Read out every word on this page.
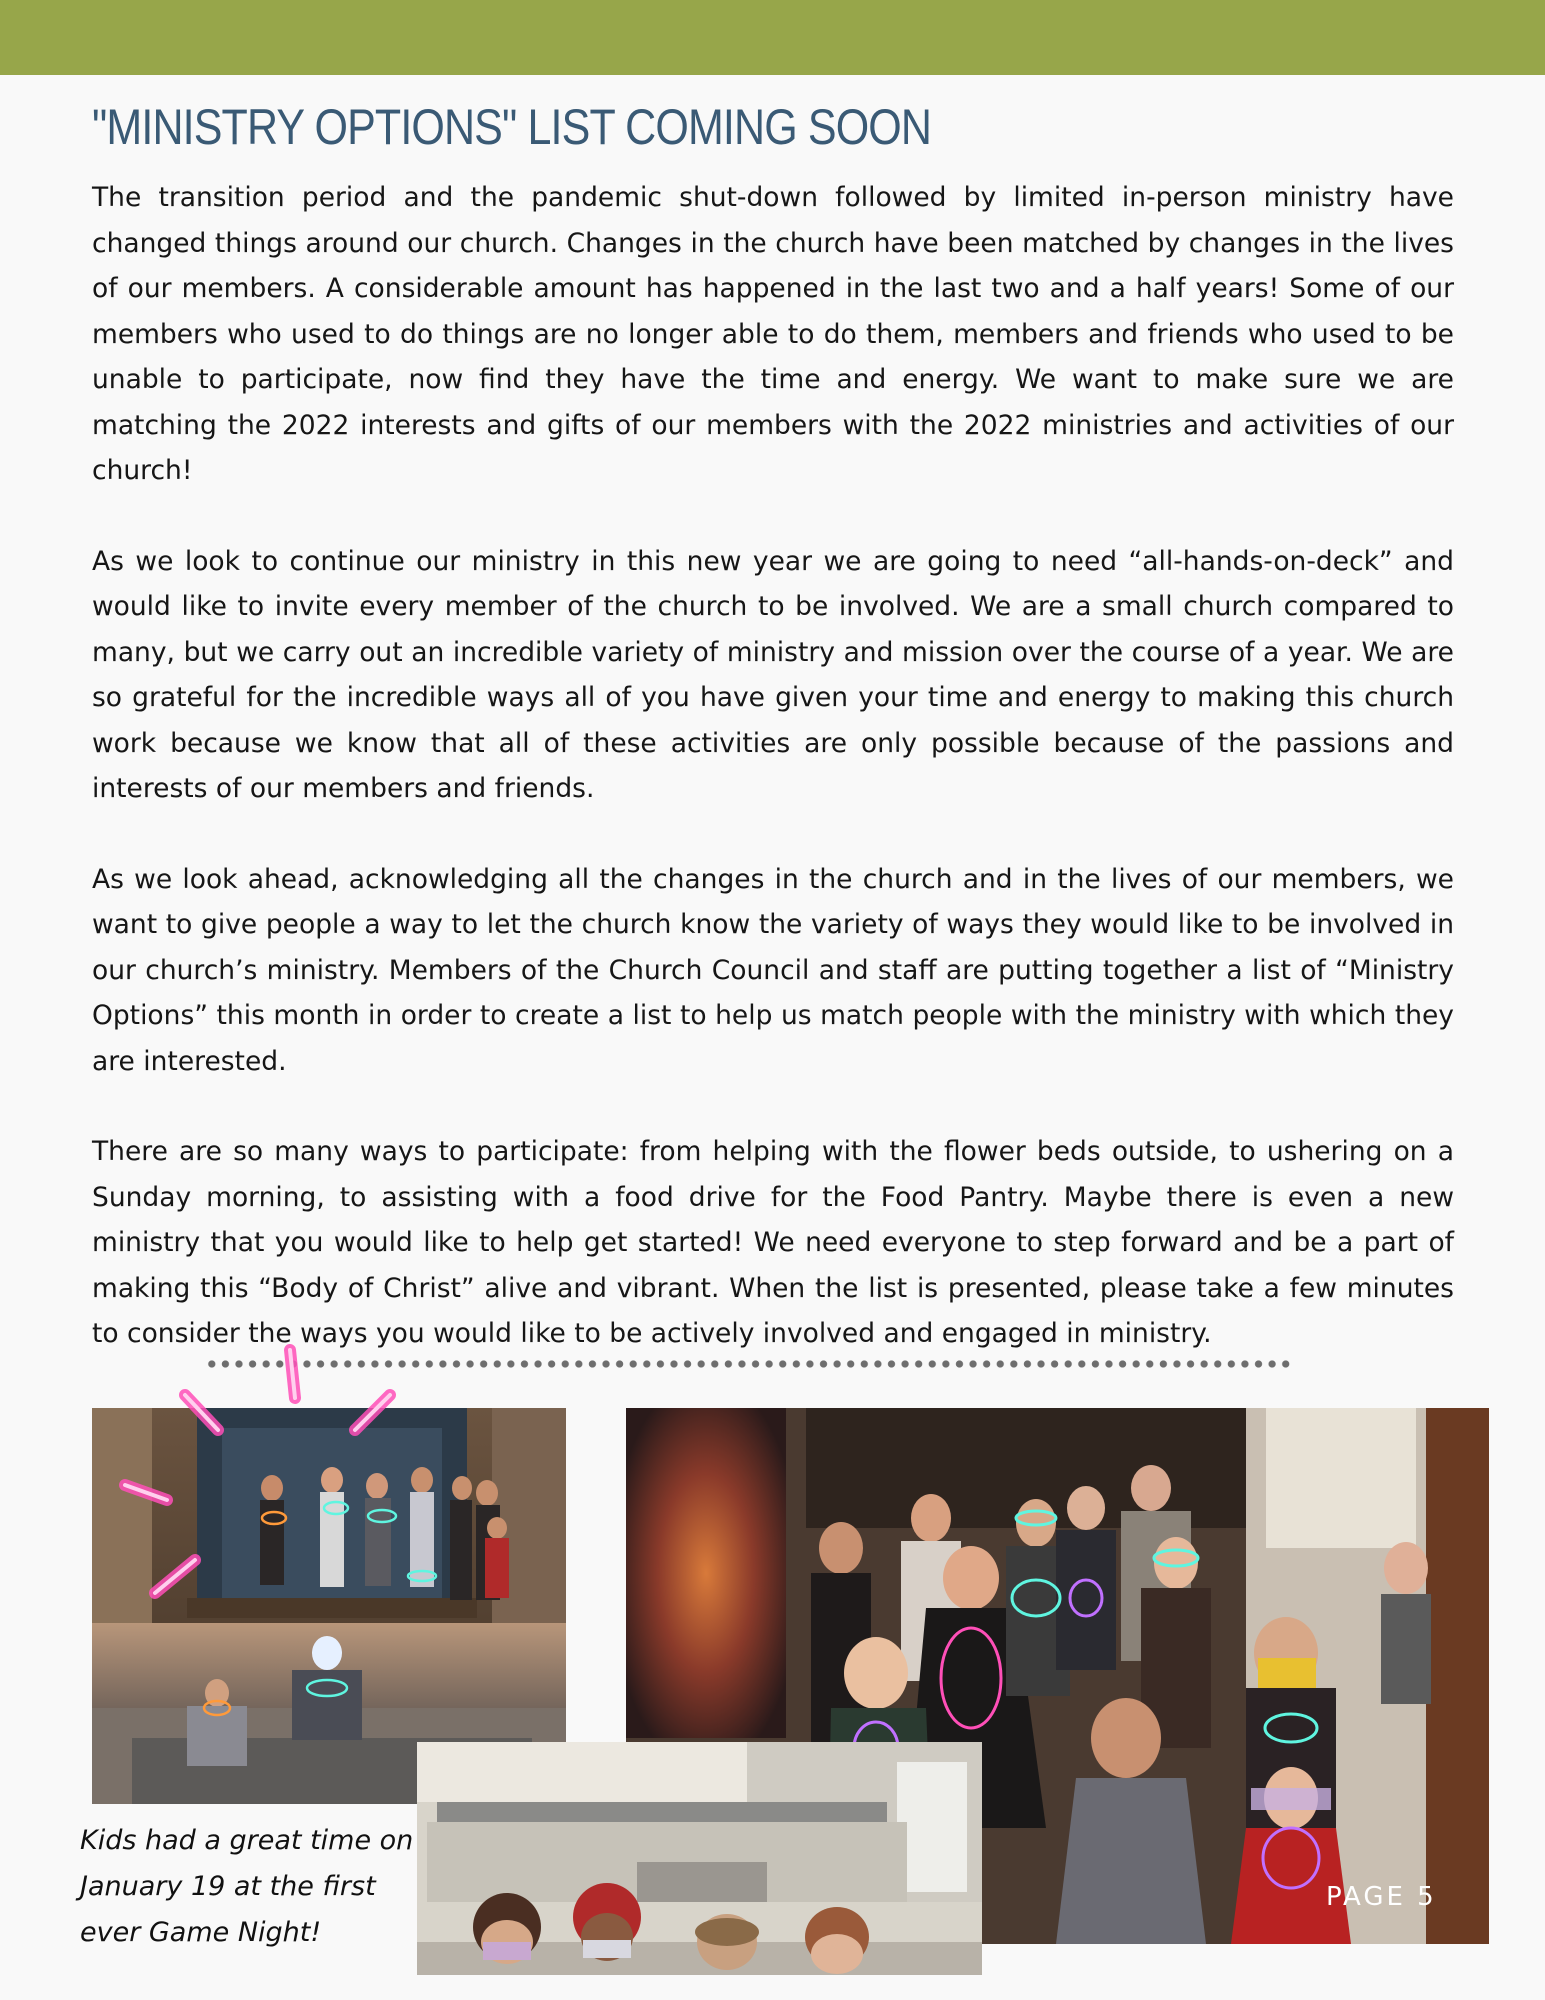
"MINISTRY OPTIONS" LIST COMING SOON

The transition period and the pandemic shut-down followed by limited in-person ministry have changed things around our church. Changes in the church have been matched by changes in the lives of our members. A considerable amount has happened in the last two and a half years! Some of our members who used to do things are no longer able to do them, members and friends who used to be unable to participate, now find they have the time and energy. We want to make sure we are matching the 2022 interests and gifts of our members with the 2022 ministries and activities of our church!

As we look to continue our ministry in this new year we are going to need “all-hands-on-deck” and would like to invite every member of the church to be involved. We are a small church compared to many, but we carry out an incredible variety of ministry and mission over the course of a year. We are so grateful for the incredible ways all of you have given your time and energy to making this church work because we know that all of these activities are only possible because of the passions and interests of our members and friends.

As we look ahead, acknowledging all the changes in the church and in the lives of our members, we want to give people a way to let the church know the variety of ways they would like to be involved in our church’s ministry. Members of the Church Council and staff are putting together a list of “Ministry Options” this month in order to create a list to help us match people with the ministry with which they are interested.

There are so many ways to participate: from helping with the flower beds outside, to ushering on a Sunday morning, to assisting with a food drive for the Food Pantry. Maybe there is even a new ministry that you would like to help get started! We need everyone to step forward and be a part of making this “Body of Christ” alive and vibrant. When the list is presented, please take a few minutes to consider the ways you would like to be actively involved and engaged in ministry.

Kids had a great time on January 19 at the first ever Game Night!

PAGE 5
